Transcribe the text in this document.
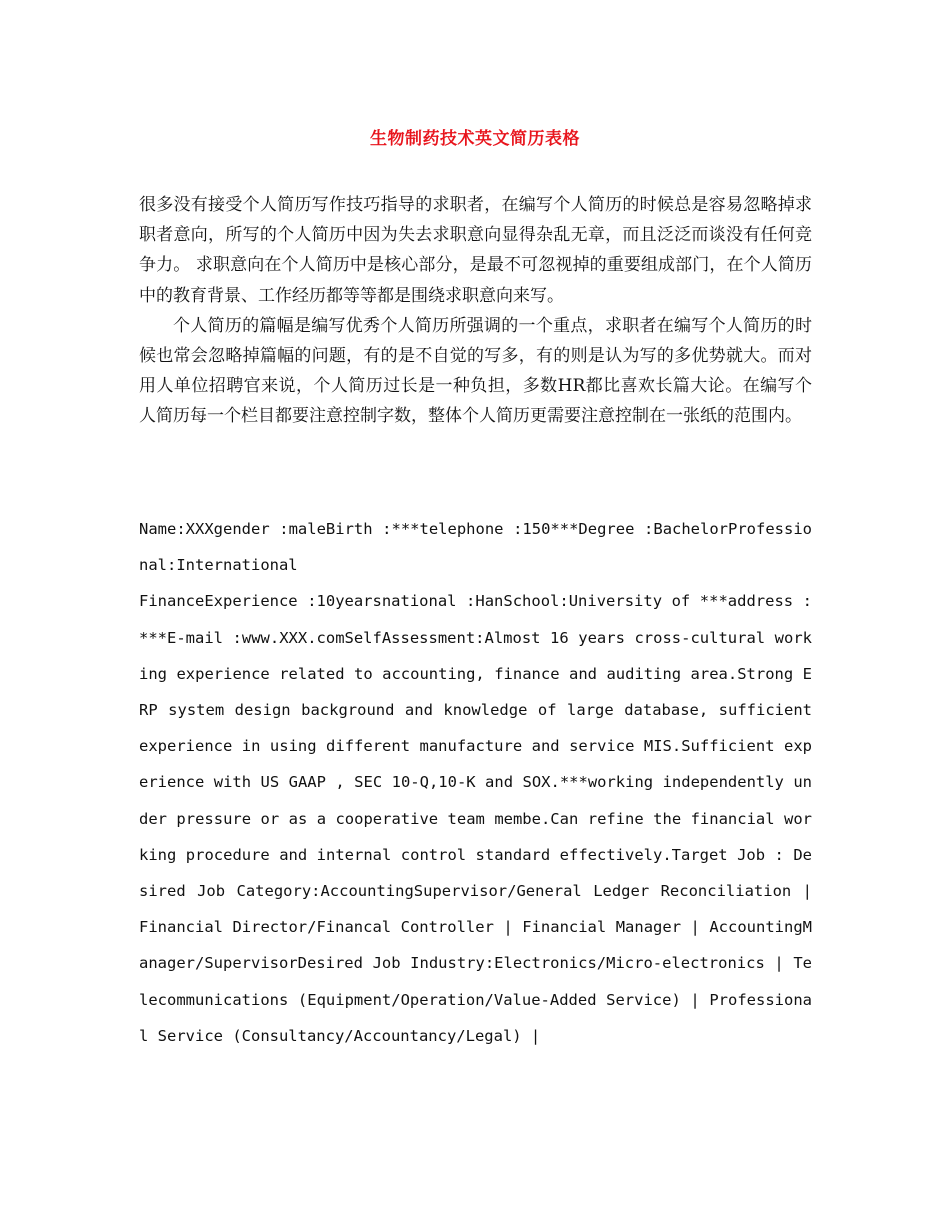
生物制药技术英文简历表格

很多没有接受个人简历写作技巧指导的求职者，在编写个人简历的时候总是容易忽略掉求职者意向，所写的个人简历中因为失去求职意向显得杂乱无章，而且泛泛而谈没有任何竞争力。 求职意向在个人简历中是核心部分，是最不可忽视掉的重要组成部门，在个人简历中的教育背景、工作经历都等等都是围绕求职意向来写。

个人简历的篇幅是编写优秀个人简历所强调的一个重点，求职者在编写个人简历的时候也常会忽略掉篇幅的问题，有的是不自觉的写多，有的则是认为写的多优势就大。而对用人单位招聘官来说，个人简历过长是一种负担，多数HR都比喜欢长篇大论。在编写个人简历每一个栏目都要注意控制字数，整体个人简历更需要注意控制在一张纸的范围内。

Name:XXXgender :maleBirth :***telephone :150***Degree :BachelorProfessional:International

FinanceExperience :10yearsnational :HanSchool:University of ***address :***E-mail :www.XXX.comSelfAssessment:Almost 16 years cross-cultural working experience related to accounting, finance and auditing area.Strong ERP system design background and knowledge of large database, sufficient experience in using different manufacture and service MIS.Sufficient experience with US GAAP , SEC 10-Q,10-K and SOX.***working independently under pressure or as a cooperative team membe.Can refine the financial working procedure and internal control standard effectively.Target Job : Desired Job Category:AccountingSupervisor/General Ledger Reconciliation | Financial Director/Financal Controller | Financial Manager | AccountingManager/SupervisorDesired Job Industry:Electronics/Micro-electronics | Telecommunications (Equipment/Operation/Value-Added Service) | Professional Service (Consultancy/Accountancy/Legal) |
